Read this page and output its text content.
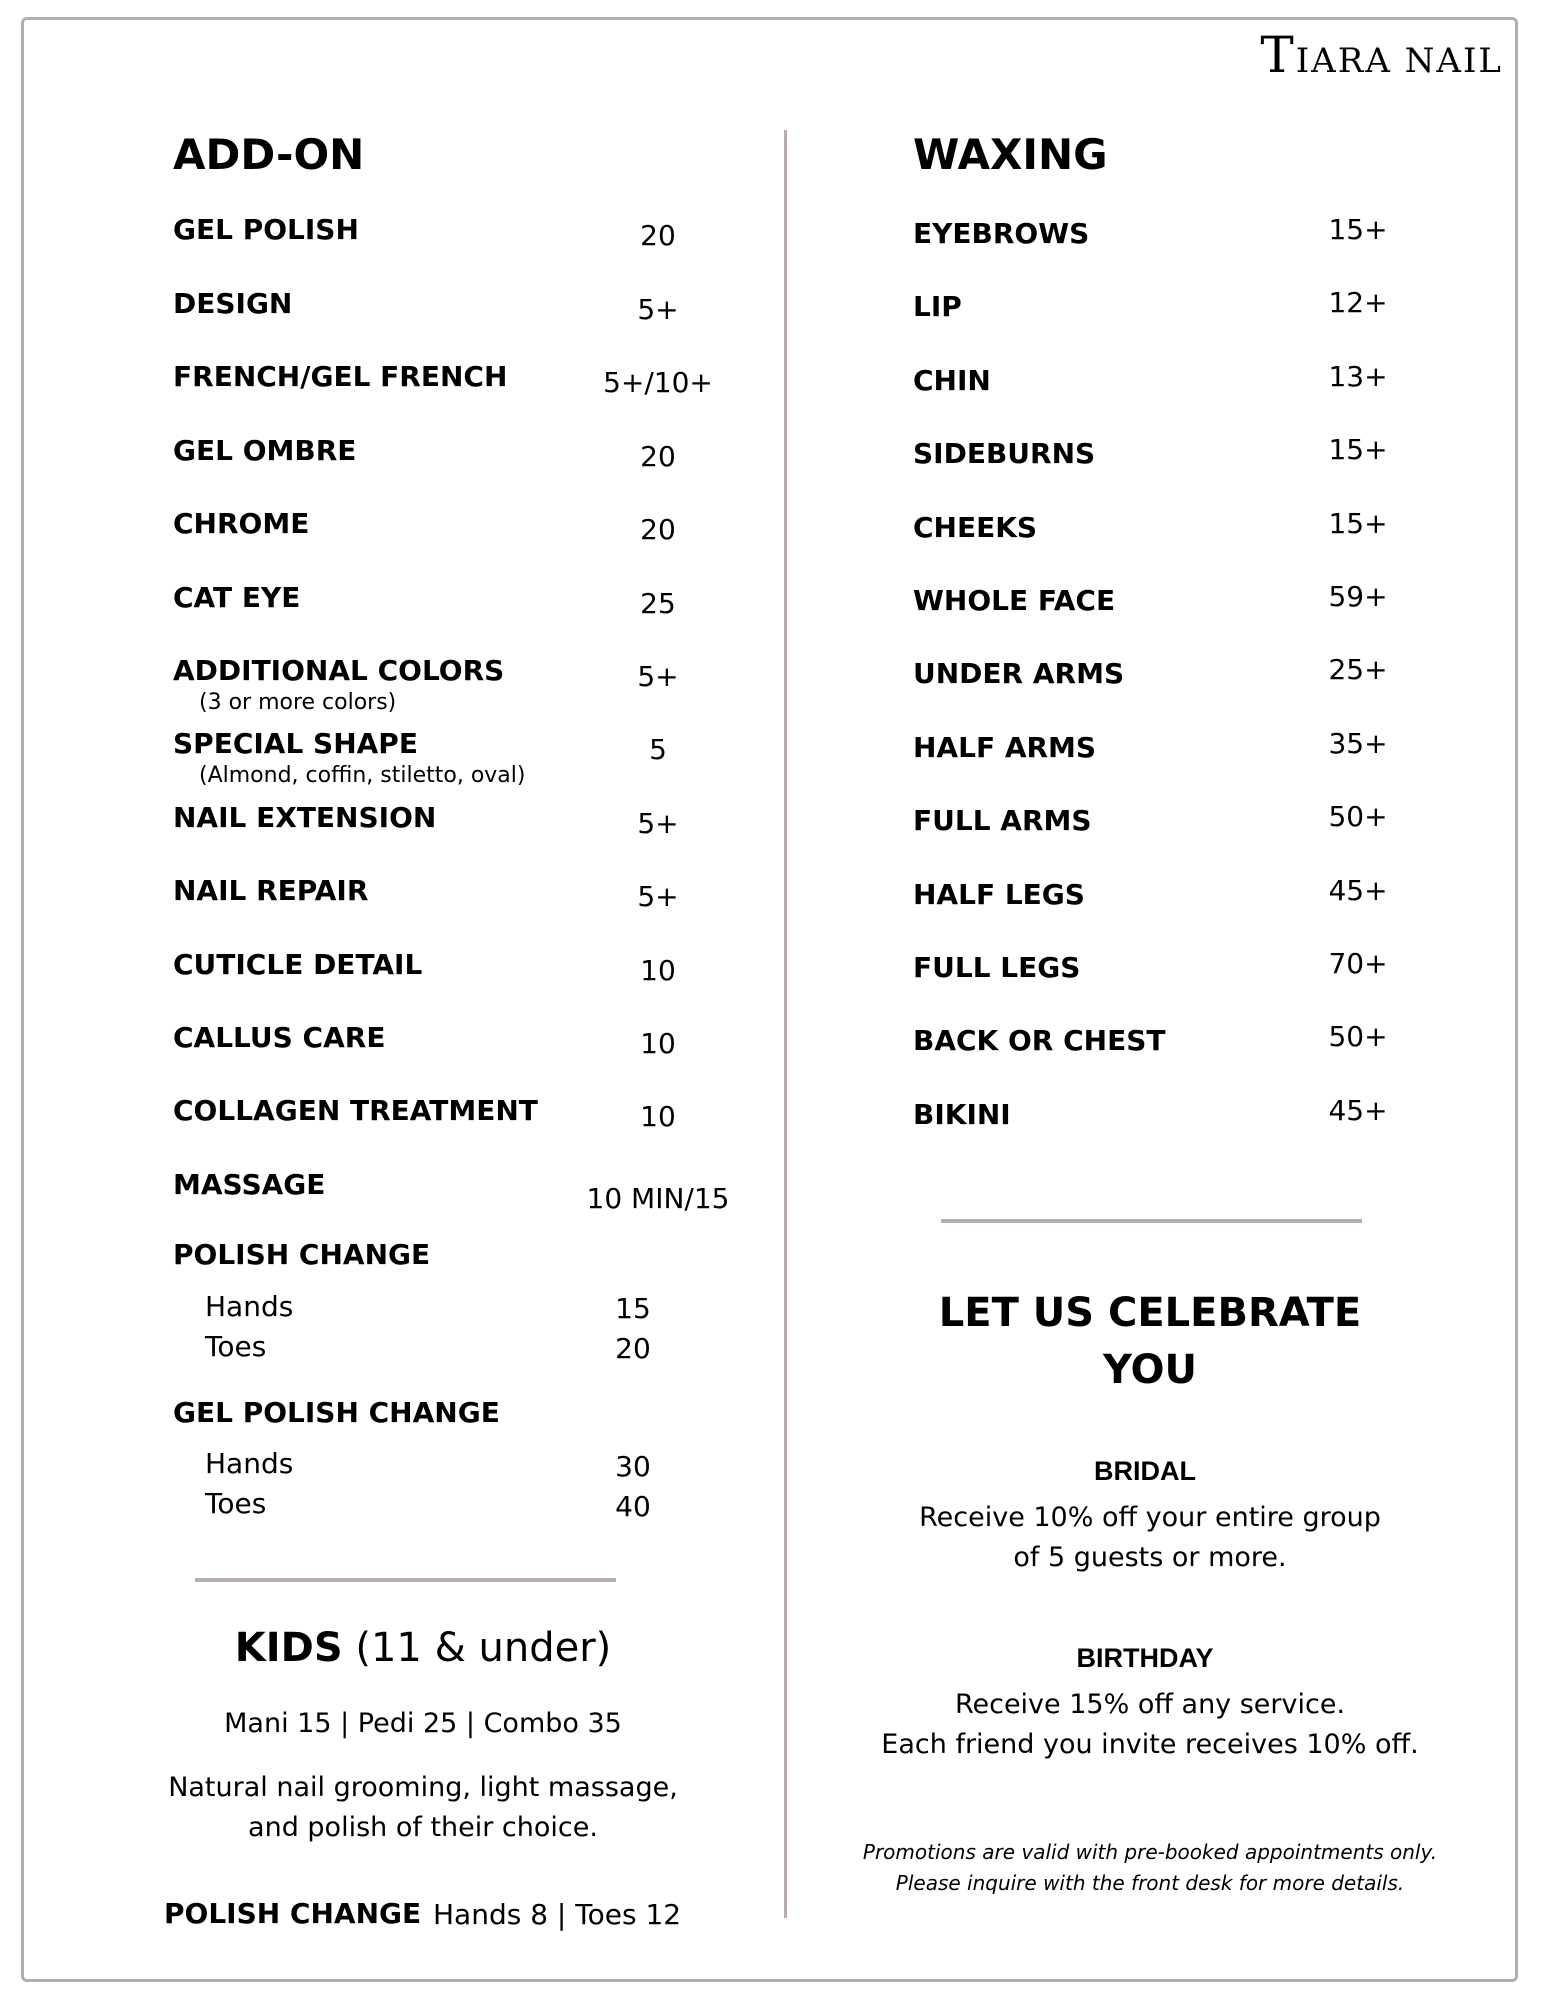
TIARA NAIL
ADD-ON
GEL POLISH	20
DESIGN	5+
FRENCH/GEL FRENCH	5+/10+
GEL OMBRE	20
CHROME	20
CAT EYE	25
ADDITIONAL COLORS	5+
(3 or more colors)
SPECIAL SHAPE	5
(Almond, coffin, stiletto, oval)
NAIL EXTENSION	5+
NAIL REPAIR	5+
CUTICLE DETAIL	10
CALLUS CARE	10
COLLAGEN TREATMENT	10
MASSAGE	10 MIN/15
POLISH CHANGE
Hands	15
Toes	20
GEL POLISH CHANGE
Hands	30
Toes	40
KIDS (11 & under)
Mani 15 | Pedi 25 | Combo 35
Natural nail grooming, light massage,
and polish of their choice.
POLISH CHANGE Hands 8 | Toes 12
WAXING
EYEBROWS	15+
LIP	12+
CHIN	13+
SIDEBURNS	15+
CHEEKS	15+
WHOLE FACE	59+
UNDER ARMS	25+
HALF ARMS	35+
FULL ARMS	50+
HALF LEGS	45+
FULL LEGS	70+
BACK OR CHEST	50+
BIKINI	45+
LET US CELEBRATE
YOU
BRIDAL
Receive 10% off your entire group
of 5 guests or more.
BIRTHDAY
Receive 15% off any service.
Each friend you invite receives 10% off.
Promotions are valid with pre-booked appointments only.
Please inquire with the front desk for more details.
